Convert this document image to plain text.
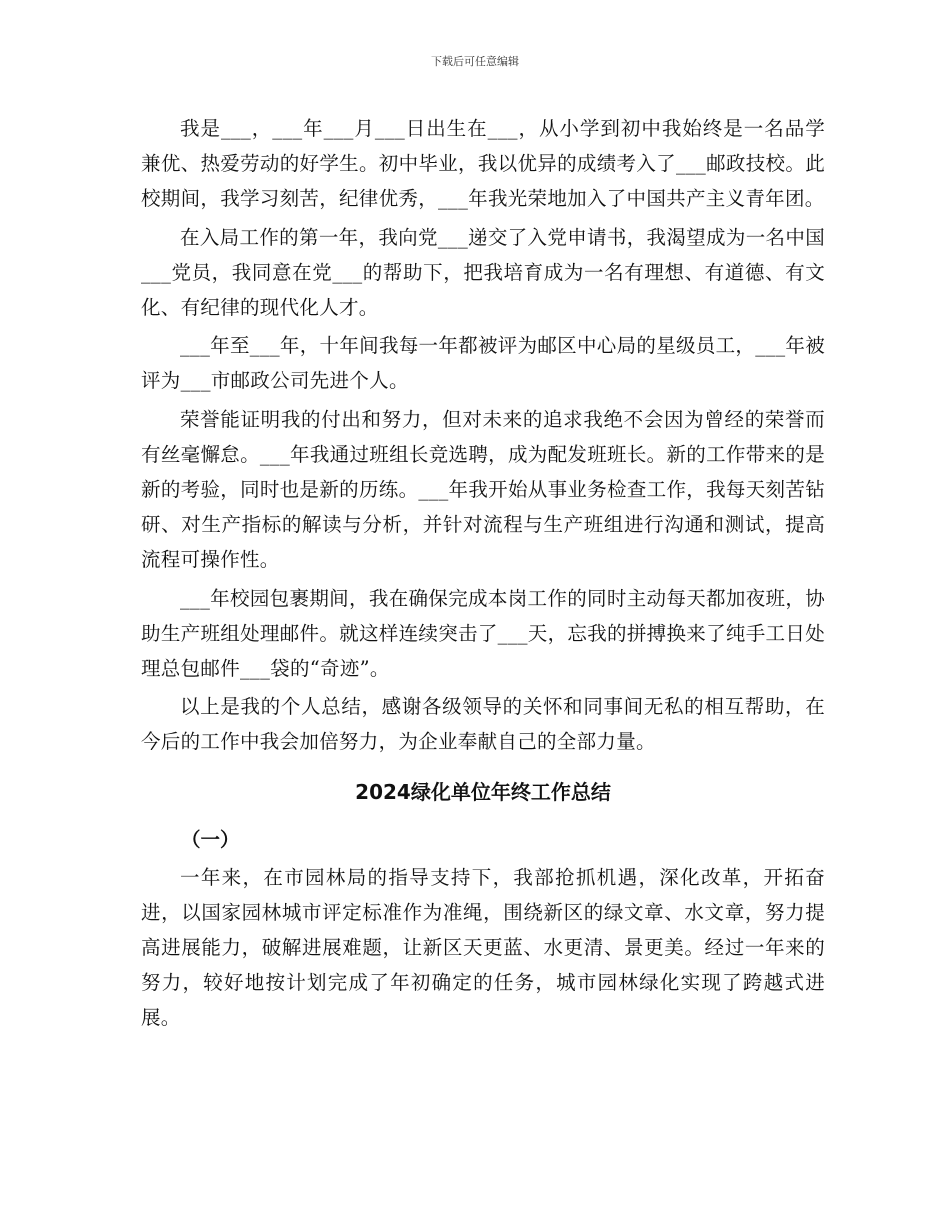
下载后可任意编辑

我是___，___年___月___日出生在___，从小学到初中我始终是一名品学兼优、热爱劳动的好学生。初中毕业，我以优异的成绩考入了___邮政技校。此校期间，我学习刻苦，纪律优秀，___年我光荣地加入了中国共产主义青年团。

在入局工作的第一年，我向党___递交了入党申请书，我渴望成为一名中国___党员，我同意在党___的帮助下，把我培育成为一名有理想、有道德、有文化、有纪律的现代化人才。

___年至___年，十年间我每一年都被评为邮区中心局的星级员工，___年被评为___市邮政公司先进个人。

荣誉能证明我的付出和努力，但对未来的追求我绝不会因为曾经的荣誉而有丝毫懈怠。___年我通过班组长竞选聘，成为配发班班长。新的工作带来的是新的考验，同时也是新的历练。___年我开始从事业务检查工作，我每天刻苦钻研、对生产指标的解读与分析，并针对流程与生产班组进行沟通和测试，提高流程可操作性。

___年校园包裹期间，我在确保完成本岗工作的同时主动每天都加夜班，协助生产班组处理邮件。就这样连续突击了___天，忘我的拼搏换来了纯手工日处理总包邮件___袋的“奇迹”。

以上是我的个人总结，感谢各级领导的关怀和同事间无私的相互帮助，在今后的工作中我会加倍努力，为企业奉献自己的全部力量。

2024绿化单位年终工作总结
（一）

一年来，在市园林局的指导支持下，我部抢抓机遇，深化改革，开拓奋进，以国家园林城市评定标准作为准绳，围绕新区的绿文章、水文章，努力提高进展能力，破解进展难题，让新区天更蓝、水更清、景更美。经过一年来的努力，较好地按计划完成了年初确定的任务，城市园林绿化实现了跨越式进展。
